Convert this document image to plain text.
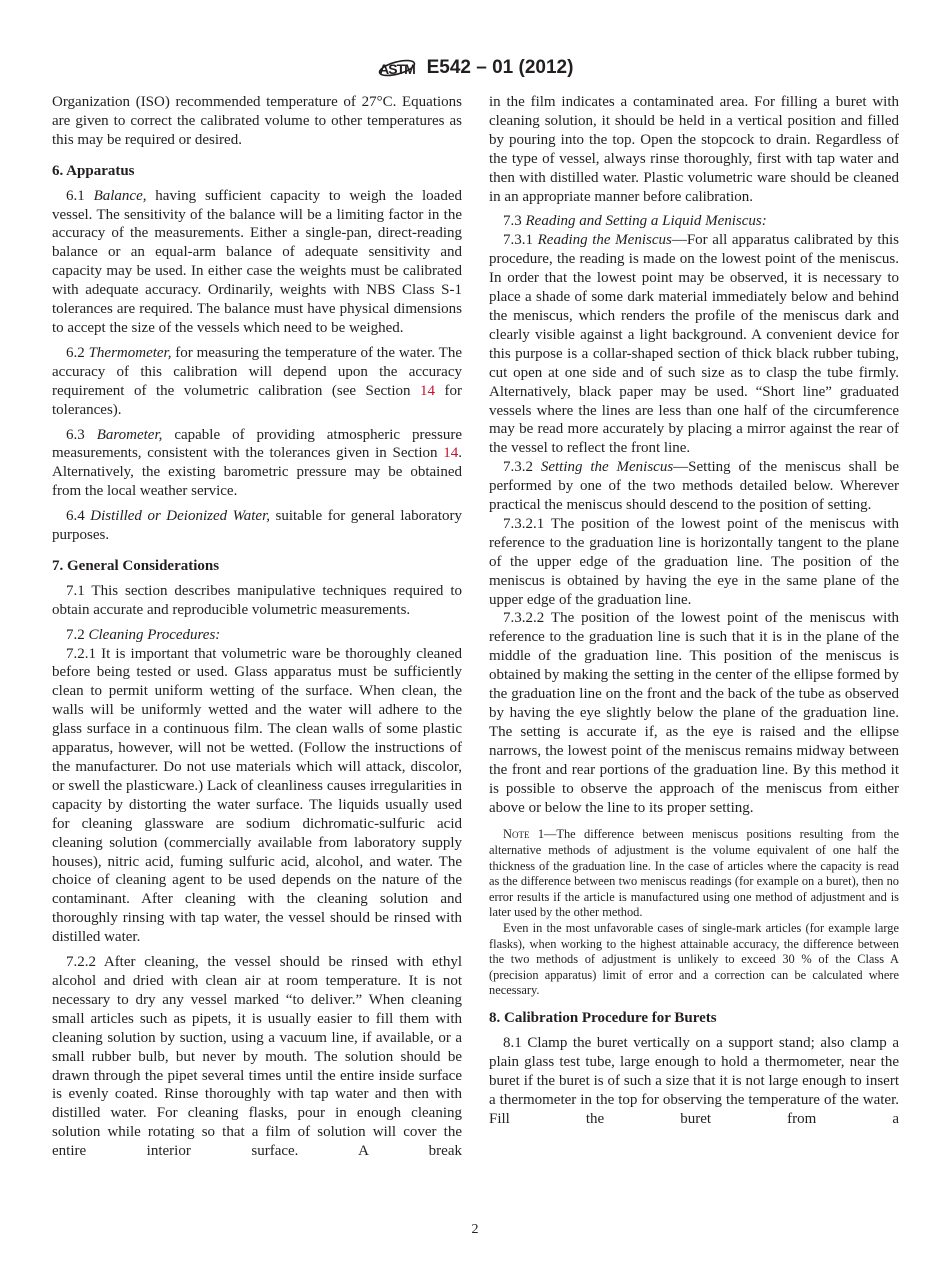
ASTM E542 – 01 (2012)

Organization (ISO) recommended temperature of 27°C. Equations are given to correct the calibrated volume to other temperatures as this may be required or desired.

6. Apparatus

6.1 Balance, having sufficient capacity to weigh the loaded vessel. The sensitivity of the balance will be a limiting factor in the accuracy of the measurements. Either a single-pan, direct-reading balance or an equal-arm balance of adequate sensitivity and capacity may be used. In either case the weights must be calibrated with adequate accuracy. Ordinarily, weights with NBS Class S-1 tolerances are required. The balance must have physical dimensions to accept the size of the vessels which need to be weighed.

6.2 Thermometer, for measuring the temperature of the water. The accuracy of this calibration will depend upon the accuracy requirement of the volumetric calibration (see Section 14 for tolerances).

6.3 Barometer, capable of providing atmospheric pressure measurements, consistent with the tolerances given in Section 14. Alternatively, the existing barometric pressure may be obtained from the local weather service.

6.4 Distilled or Deionized Water, suitable for general laboratory purposes.

7. General Considerations

7.1 This section describes manipulative techniques required to obtain accurate and reproducible volumetric measurements.

7.2 Cleaning Procedures:

7.2.1 It is important that volumetric ware be thoroughly cleaned before being tested or used. Glass apparatus must be sufficiently clean to permit uniform wetting of the surface. When clean, the walls will be uniformly wetted and the water will adhere to the glass surface in a continuous film. The clean walls of some plastic apparatus, however, will not be wetted. (Follow the instructions of the manufacturer. Do not use materials which will attack, discolor, or swell the plasticware.) Lack of cleanliness causes irregularities in capacity by distorting the water surface. The liquids usually used for cleaning glassware are sodium dichromatic-sulfuric acid cleaning solution (commercially available from laboratory supply houses), nitric acid, fuming sulfuric acid, alcohol, and water. The choice of cleaning agent to be used depends on the nature of the contaminant. After cleaning with the cleaning solution and thoroughly rinsing with tap water, the vessel should be rinsed with distilled water.

7.2.2 After cleaning, the vessel should be rinsed with ethyl alcohol and dried with clean air at room temperature. It is not necessary to dry any vessel marked “to deliver.” When cleaning small articles such as pipets, it is usually easier to fill them with cleaning solution by suction, using a vacuum line, if available, or a small rubber bulb, but never by mouth. The solution should be drawn through the pipet several times until the entire inside surface is evenly coated. Rinse thoroughly with tap water and then with distilled water. For cleaning flasks, pour in enough cleaning solution while rotating so that a film of solution will cover the entire interior surface. A break

in the film indicates a contaminated area. For filling a buret with cleaning solution, it should be held in a vertical position and filled by pouring into the top. Open the stopcock to drain. Regardless of the type of vessel, always rinse thoroughly, first with tap water and then with distilled water. Plastic volumetric ware should be cleaned in an appropriate manner before calibration.

7.3 Reading and Setting a Liquid Meniscus:

7.3.1 Reading the Meniscus—For all apparatus calibrated by this procedure, the reading is made on the lowest point of the meniscus. In order that the lowest point may be observed, it is necessary to place a shade of some dark material immediately below and behind the meniscus, which renders the profile of the meniscus dark and clearly visible against a light background. A convenient device for this purpose is a collar-shaped section of thick black rubber tubing, cut open at one side and of such size as to clasp the tube firmly. Alternatively, black paper may be used. “Short line” graduated vessels where the lines are less than one half of the circumference may be read more accurately by placing a mirror against the rear of the vessel to reflect the front line.

7.3.2 Setting the Meniscus—Setting of the meniscus shall be performed by one of the two methods detailed below. Wherever practical the meniscus should descend to the position of setting.

7.3.2.1 The position of the lowest point of the meniscus with reference to the graduation line is horizontally tangent to the plane of the upper edge of the graduation line. The position of the meniscus is obtained by having the eye in the same plane of the upper edge of the graduation line.

7.3.2.2 The position of the lowest point of the meniscus with reference to the graduation line is such that it is in the plane of the middle of the graduation line. This position of the meniscus is obtained by making the setting in the center of the ellipse formed by the graduation line on the front and the back of the tube as observed by having the eye slightly below the plane of the graduation line. The setting is accurate if, as the eye is raised and the ellipse narrows, the lowest point of the meniscus remains midway between the front and rear portions of the graduation line. By this method it is possible to observe the approach of the meniscus from either above or below the line to its proper setting.

Note 1—The difference between meniscus positions resulting from the alternative methods of adjustment is the volume equivalent of one half the thickness of the graduation line. In the case of articles where the capacity is read as the difference between two meniscus readings (for example on a buret), then no error results if the article is manufactured using one method of adjustment and is later used by the other method.

Even in the most unfavorable cases of single-mark articles (for example large flasks), when working to the highest attainable accuracy, the difference between the two methods of adjustment is unlikely to exceed 30 % of the Class A (precision apparatus) limit of error and a correction can be calculated where necessary.

8. Calibration Procedure for Burets

8.1 Clamp the buret vertically on a support stand; also clamp a plain glass test tube, large enough to hold a thermometer, near the buret if the buret is of such a size that it is not large enough to insert a thermometer in the top for observing the temperature of the water. Fill the buret from a

2
